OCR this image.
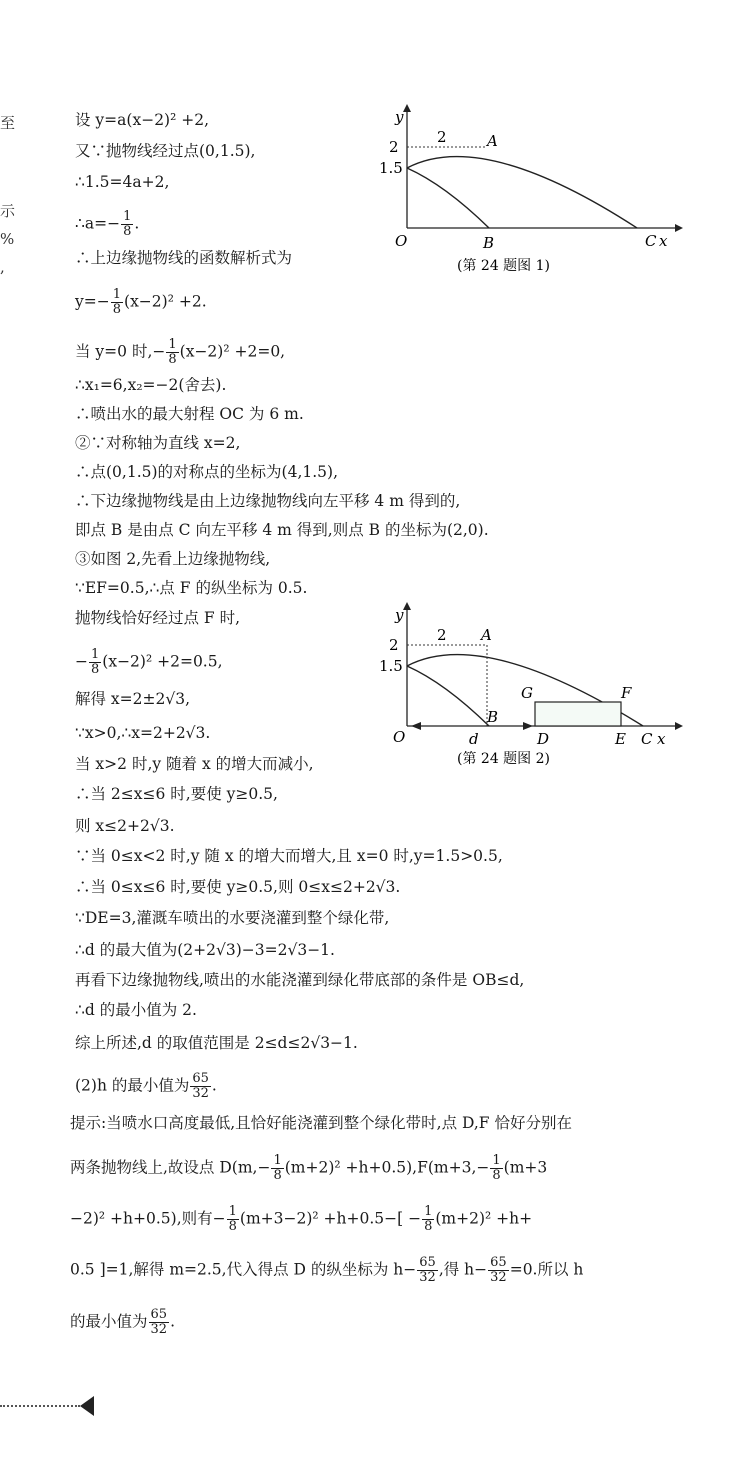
至
示
%
,
设 y=a(x−2)² +2,
又∵抛物线经过点(0,1.5),
∴1.5=4a+2,
∴a=− $\frac{1}{8}$ .
∴上边缘抛物线的函数解析式为
$y=- \frac{1}{8} (x-2)^2 +2$.
当 y=0 时,− $\frac{1}{8} (x-2)^2 +2=0$,
∴x₁=6,x₂=−2(舍去).
∴喷出水的最大射程 OC 为 6 m.
②∵对称轴为直线 x=2,
∴点(0,1.5)的对称点的坐标为(4,1.5),
∴下边缘抛物线是由上边缘抛物线向左平移 4 m 得到的,
即点 B 是由点 C 向左平移 4 m 得到,则点 B 的坐标为(2,0).
③如图 2,先看上边缘抛物线,
∵EF=0.5,∴点 F 的纵坐标为 0.5.
抛物线恰好经过点 F 时,
− $\frac{1}{8} (x-2)^2 +2=0.5$,
解得 x=2±2√3,
∵x>0,∴x=2+2√3.
当 x>2 时,y 随着 x 的增大而减小,
∴当 2≤x≤6 时,要使 y≥0.5,
则 x≤2+2√3.
∵当 0≤x<2 时,y 随 x 的增大而增大,且 x=0 时,y=1.5>0.5,
∴当 0≤x≤6 时,要使 y≥0.5,则 0≤x≤2+2√3.
∵DE=3,灌溉车喷出的水要浇灌到整个绿化带,
∴d 的最大值为(2+2√3)−3=2√3−1.
再看下边缘抛物线,喷出的水能浇灌到绿化带底部的条件是 OB≤d,
∴d 的最小值为 2.
综上所述,d 的取值范围是 2≤d≤2√3−1.
(2)h 的最小值为 $\frac{65}{32}$ .
提示:当喷水口高度最低,且恰好能浇灌到整个绿化带时,点 D,F 恰好分别在
两条抛物线上,故设点 $D(m,- \frac{1}{8} (m+2)^2 +h+0.5),F(m+3,- \frac{1}{8} (m+3$
−2)² +h+0.5),则有− $\frac{1}{8} (m+3-2)^2 +h+0.5-[ - \frac{1}{8} (m+2)^2 +h+$
0.5 ]=1,解得 m=2.5,代入得点 D 的纵坐标为 $h- \frac{65}{32}$ ,得 $h- \frac{65}{32} =0$.所以 h
的最小值为 $\frac{65}{32}$ .
y
2
1.5
2	A
O	B	C x
(第 24 题图 1)
y
2
1.5
2 A
B
G	F
O	d	D	E C x
(第 24 题图 2)
